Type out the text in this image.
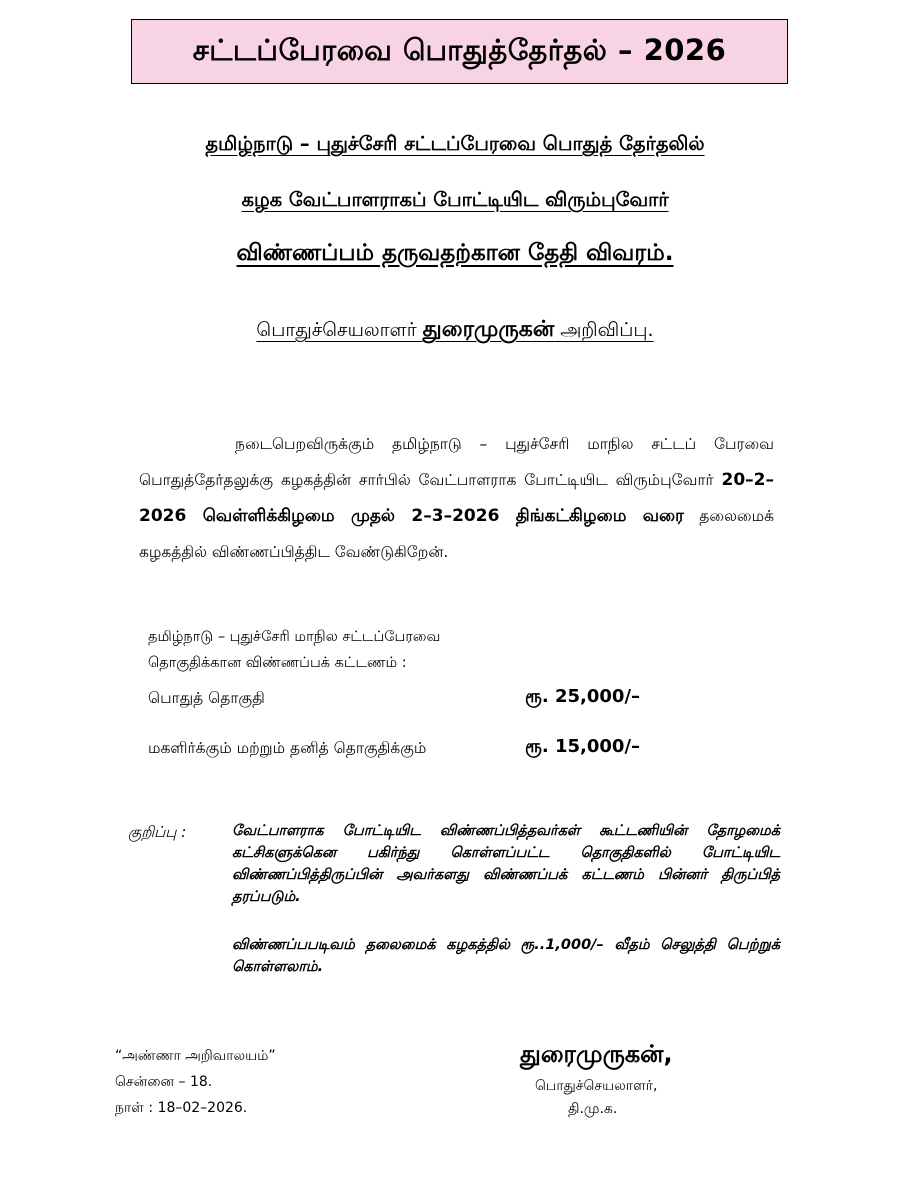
சட்டப்பேரவை பொதுத்தேர்தல் – 2026
தமிழ்நாடு – புதுச்சேரி சட்டப்பேரவை பொதுத் தேர்தலில்
கழக வேட்பாளராகப் போட்டியிட விரும்புவோர்
விண்ணப்பம் தருவதற்கான தேதி விவரம்.
பொதுச்செயலாளர் துரைமுருகன் அறிவிப்பு.
நடைபெறவிருக்கும் தமிழ்நாடு – புதுச்சேரி மாநில சட்டப் பேரவை பொதுத்தேர்தலுக்கு கழகத்தின் சார்பில் வேட்பாளராக போட்டியிட விரும்புவோர் 20–2–2026 வெள்ளிக்கிழமை முதல் 2–3–2026 திங்கட்கிழமை வரை தலைமைக் கழகத்தில் விண்ணப்பித்திட வேண்டுகிறேன்.
தமிழ்நாடு – புதுச்சேரி மாநில சட்டப்பேரவை
தொகுதிக்கான விண்ணப்பக் கட்டணம் :
பொதுத் தொகுதி	ரூ. 25,000/–
மகளிர்க்கும் மற்றும் தனித் தொகுதிக்கும்	ரூ. 15,000/–
குறிப்பு :	வேட்பாளராக போட்டியிட விண்ணப்பித்தவர்கள் கூட்டணியின் தோழமைக் கட்சிகளுக்கென பகிர்ந்து கொள்ளப்பட்ட தொகுதிகளில் போட்டியிட விண்ணப்பித்திருப்பின் அவர்களது விண்ணப்பக் கட்டணம் பின்னர் திருப்பித் தரப்படும்.
விண்ணப்பபடிவம் தலைமைக் கழகத்தில் ரூ..1,000/– வீதம் செலுத்தி பெற்றுக் கொள்ளலாம்.
“அண்ணா அறிவாலயம்”
சென்னை – 18.
நாள் : 18–02–2026.
துரைமுருகன்,
பொதுச்செயலாளர்,
தி.மு.க.
